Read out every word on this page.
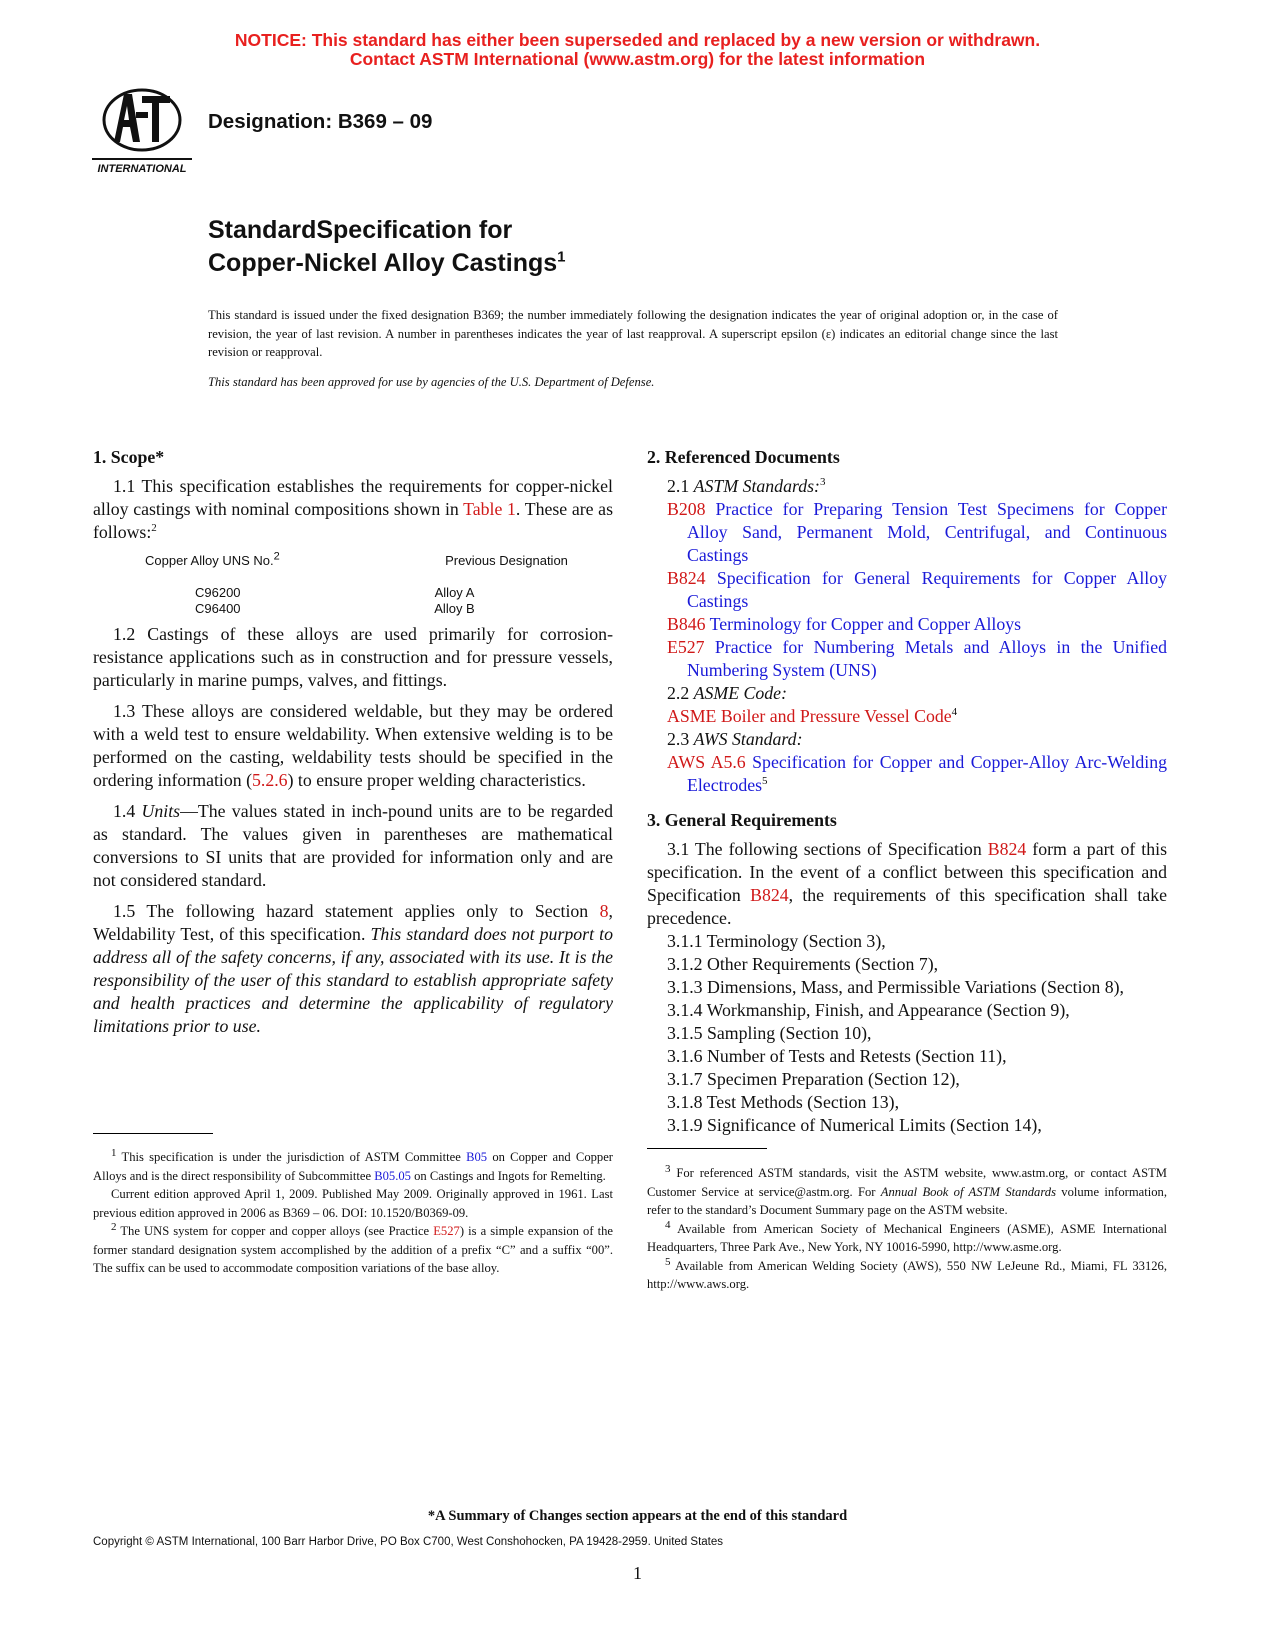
NOTICE: This standard has either been superseded and replaced by a new version or withdrawn.
Contact ASTM International (www.astm.org) for the latest information
INTERNATIONAL
Designation: B369 – 09
StandardSpecification for
Copper-Nickel Alloy Castings$^1$
This standard is issued under the fixed designation B369; the number immediately following the designation indicates the year of original adoption or, in the case of revision, the year of last revision. A number in parentheses indicates the year of last reapproval. A superscript epsilon (ε) indicates an editorial change since the last revision or reapproval.
This standard has been approved for use by agencies of the U.S. Department of Defense.
1. Scope*

1.1 This specification establishes the requirements for copper-nickel alloy castings with nominal compositions shown in Table 1. These are as follows:$^2$

Copper Alloy UNS No.$^2$	Previous Designation
C96200	Alloy A
C96400	Alloy B

1.2 Castings of these alloys are used primarily for corrosion-resistance applications such as in construction and for pressure vessels, particularly in marine pumps, valves, and fittings.

1.3 These alloys are considered weldable, but they may be ordered with a weld test to ensure weldability. When extensive welding is to be performed on the casting, weldability tests should be specified in the ordering information (5.2.6) to ensure proper welding characteristics.

1.4 Units—The values stated in inch-pound units are to be regarded as standard. The values given in parentheses are mathematical conversions to SI units that are provided for information only and are not considered standard.

1.5 The following hazard statement applies only to Section 8, Weldability Test, of this specification. This standard does not purport to address all of the safety concerns, if any, associated with its use. It is the responsibility of the user of this standard to establish appropriate safety and health practices and determine the applicability of regulatory limitations prior to use.

2. Referenced Documents

2.1 ASTM Standards:$^3$

B208 Practice for Preparing Tension Test Specimens for Copper Alloy Sand, Permanent Mold, Centrifugal, and Continuous Castings

B824 Specification for General Requirements for Copper Alloy Castings

B846 Terminology for Copper and Copper Alloys

E527 Practice for Numbering Metals and Alloys in the Unified Numbering System (UNS)

2.2 ASME Code:

ASME Boiler and Pressure Vessel Code$^4$

2.3 AWS Standard:

AWS A5.6 Specification for Copper and Copper-Alloy Arc-Welding Electrodes$^5$

3. General Requirements

3.1 The following sections of Specification B824 form a part of this specification. In the event of a conflict between this specification and Specification B824, the requirements of this specification shall take precedence.

3.1.1 Terminology (Section 3),

3.1.2 Other Requirements (Section 7),

3.1.3 Dimensions, Mass, and Permissible Variations (Section 8),

3.1.4 Workmanship, Finish, and Appearance (Section 9),

3.1.5 Sampling (Section 10),

3.1.6 Number of Tests and Retests (Section 11),

3.1.7 Specimen Preparation (Section 12),

3.1.8 Test Methods (Section 13),

3.1.9 Significance of Numerical Limits (Section 14),

$^1$ This specification is under the jurisdiction of ASTM Committee B05 on Copper and Copper Alloys and is the direct responsibility of Subcommittee B05.05 on Castings and Ingots for Remelting.

Current edition approved April 1, 2009. Published May 2009. Originally approved in 1961. Last previous edition approved in 2006 as B369 – 06. DOI: 10.1520/B0369-09.

$^2$ The UNS system for copper and copper alloys (see Practice E527) is a simple expansion of the former standard designation system accomplished by the addition of a prefix “C” and a suffix “00”. The suffix can be used to accommodate composition variations of the base alloy.

$^3$ For referenced ASTM standards, visit the ASTM website, www.astm.org, or contact ASTM Customer Service at service@astm.org. For Annual Book of ASTM Standards volume information, refer to the standard’s Document Summary page on the ASTM website.

$^4$ Available from American Society of Mechanical Engineers (ASME), ASME International Headquarters, Three Park Ave., New York, NY 10016-5990, http://www.asme.org.

$^5$ Available from American Welding Society (AWS), 550 NW LeJeune Rd., Miami, FL 33126, http://www.aws.org.

*A Summary of Changes section appears at the end of this standard
Copyright © ASTM International, 100 Barr Harbor Drive, PO Box C700, West Conshohocken, PA 19428-2959. United States
1
